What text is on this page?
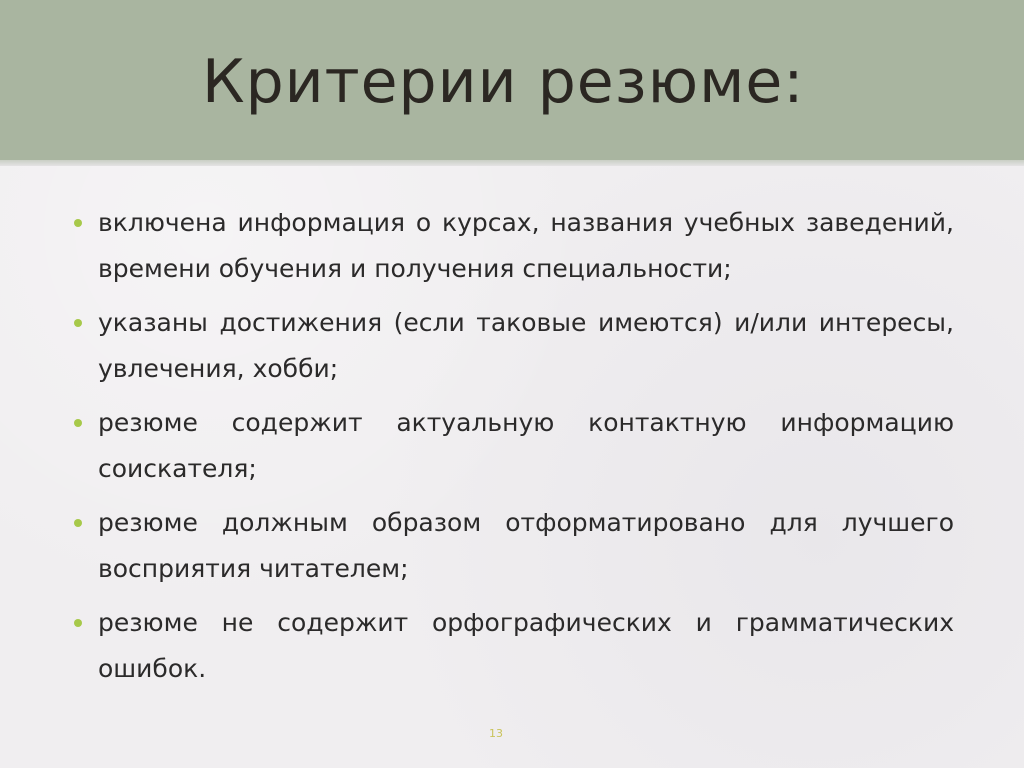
Критерии резюме:
включена информация о курсах, названия учебных заведений, времени обучения и получения специальности;
указаны достижения (если таковые имеются) и/или интересы, увлечения, хобби;
резюме содержит актуальную контактную информацию соискателя;
резюме должным образом отформатировано для лучшего восприятия читателем;
резюме не содержит орфографических и грамматических ошибок.
13
